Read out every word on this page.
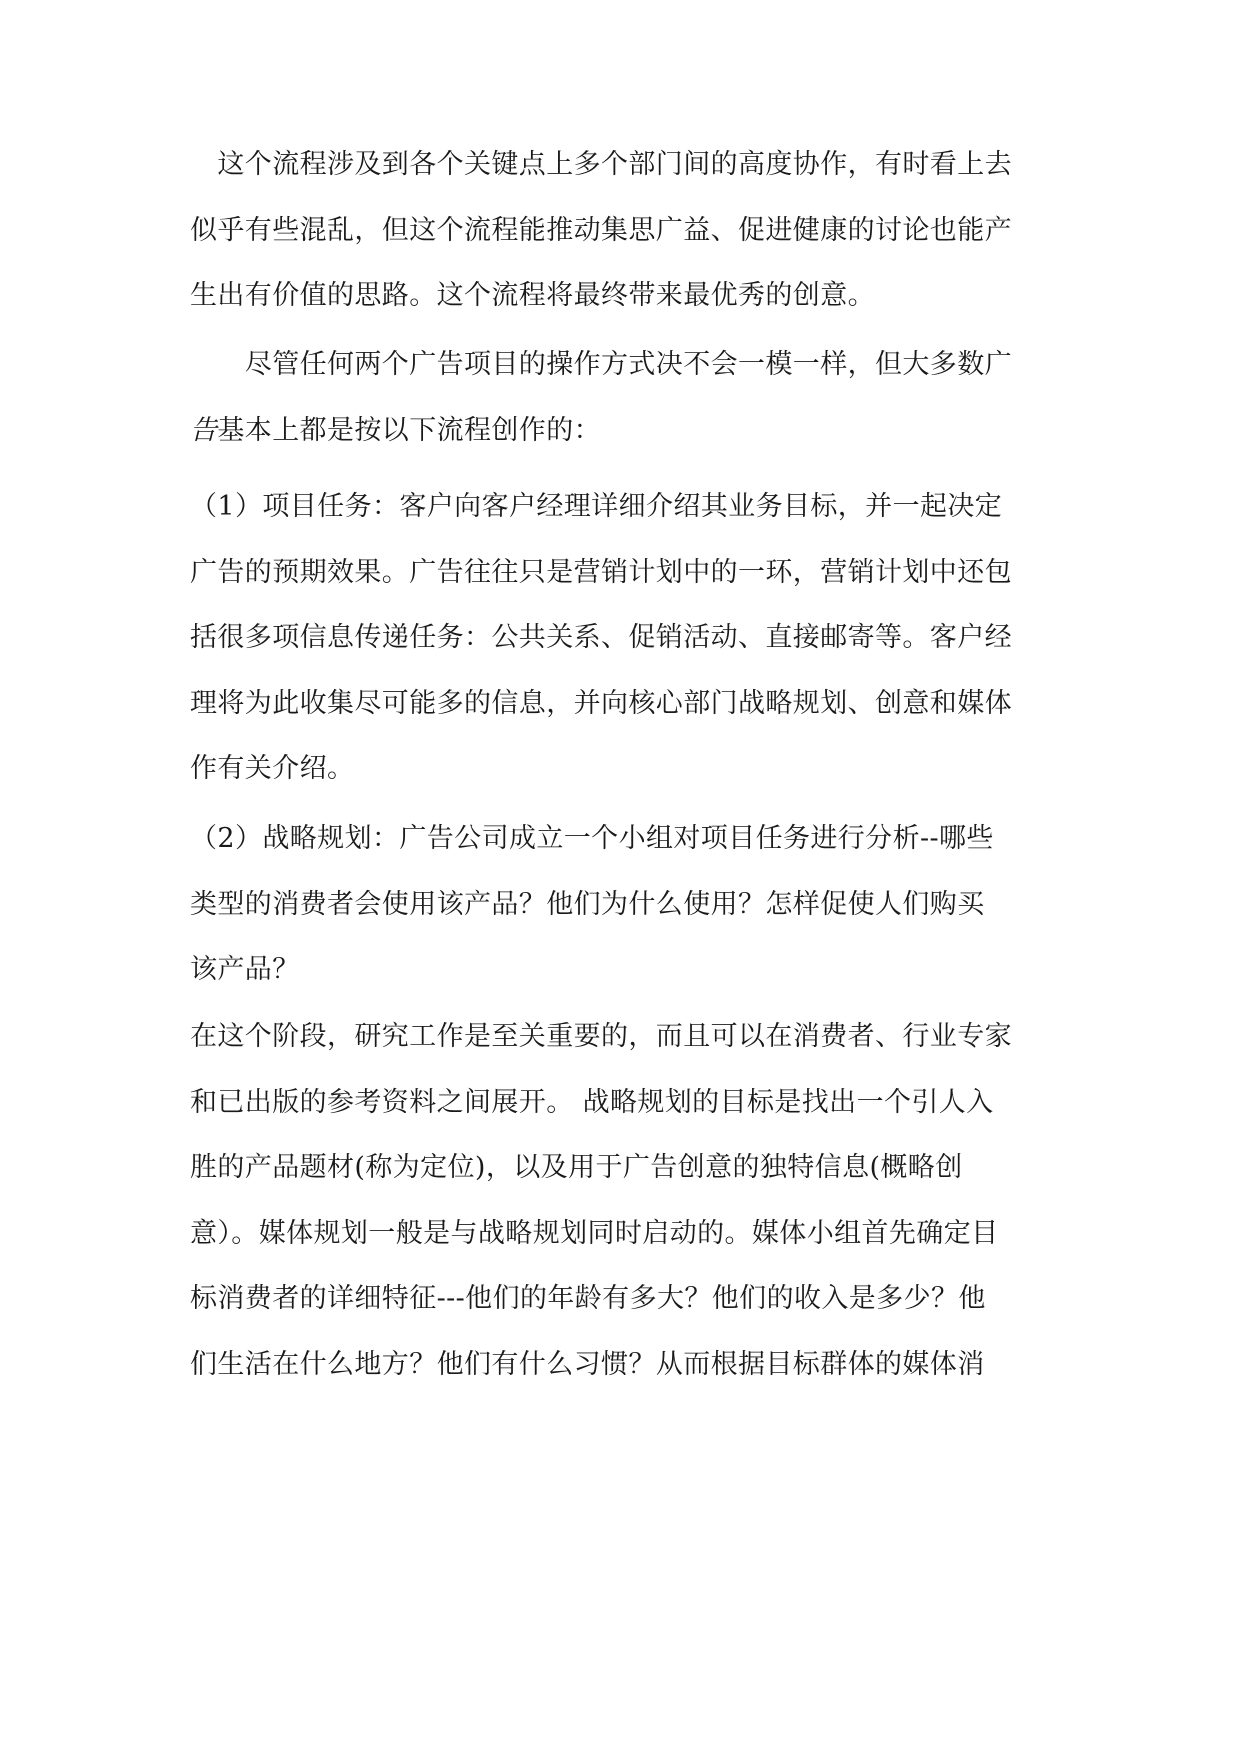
　这个流程涉及到各个关键点上多个部门间的高度协作，有时看上去
似乎有些混乱，但这个流程能推动集思广益、促进健康的讨论也能产
生出有价值的思路。这个流程将最终带来最优秀的创意。
　　尽管任何两个广告项目的操作方式决不会一模一样，但大多数广
告基本上都是按以下流程创作的：
（1）项目任务：客户向客户经理详细介绍其业务目标，并一起决定
广告的预期效果。广告往往只是营销计划中的一环，营销计划中还包
括很多项信息传递任务：公共关系、促销活动、直接邮寄等。客户经
理将为此收集尽可能多的信息，并向核心部门战略规划、创意和媒体
作有关介绍。
（2）战略规划：广告公司成立一个小组对项目任务进行分析--哪些
类型的消费者会使用该产品？他们为什么使用？怎样促使人们购买
该产品？
在这个阶段，研究工作是至关重要的，而且可以在消费者、行业专家
和已出版的参考资料之间展开。 战略规划的目标是找出一个引人入
胜的产品题材(称为定位)，以及用于广告创意的独特信息(概略创
意）。媒体规划一般是与战略规划同时启动的。媒体小组首先确定目
标消费者的详细特征---他们的年龄有多大？他们的收入是多少？他
们生活在什么地方？他们有什么习惯？从而根据目标群体的媒体消
